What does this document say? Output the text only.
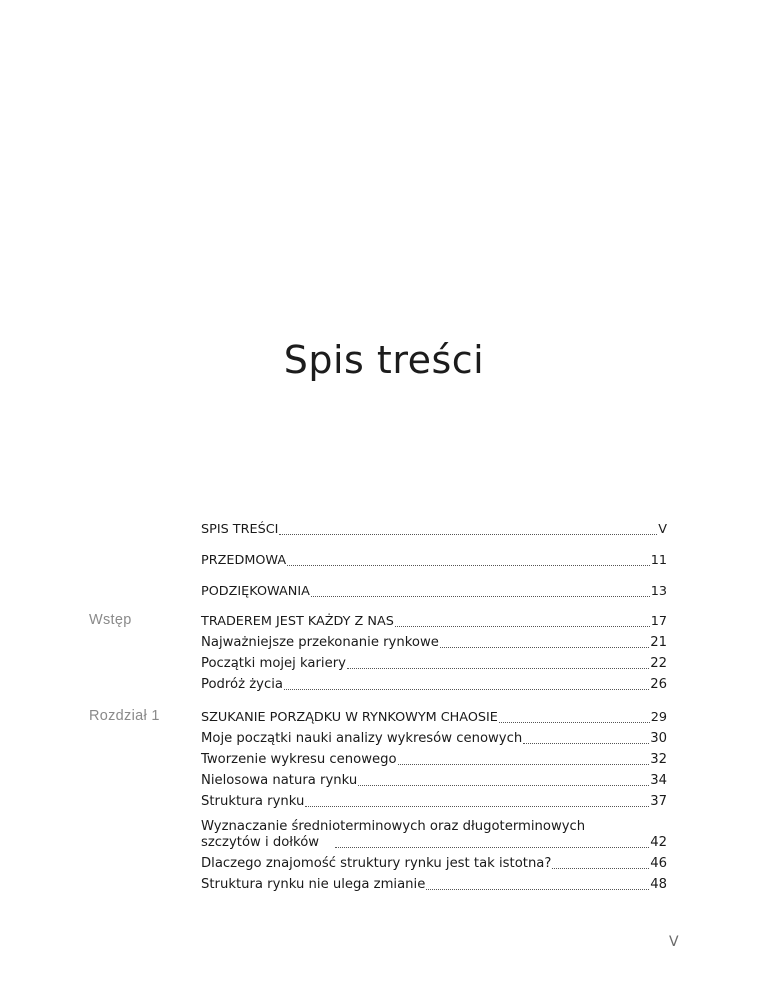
Spis treści
SPIS TREŚCI	V
PRZEDMOWA	11
PODZIĘKOWANIA	13
Wstęp	TRADEREM JEST KAŻDY Z NAS	17
Najważniejsze przekonanie rynkowe	21
Początki mojej kariery	22
Podróż życia	26
Rozdział 1	SZUKANIE PORZĄDKU W RYNKOWYM CHAOSIE	29
Moje początki nauki analizy wykresów cenowych	30
Tworzenie wykresu cenowego	32
Nielosowa natura rynku	34
Struktura rynku	37
Wyznaczanie średnioterminowych oraz długoterminowych
szczytów i dołków	42
Dlaczego znajomość struktury rynku jest tak istotna?	46
Struktura rynku nie ulega zmianie	48
V
